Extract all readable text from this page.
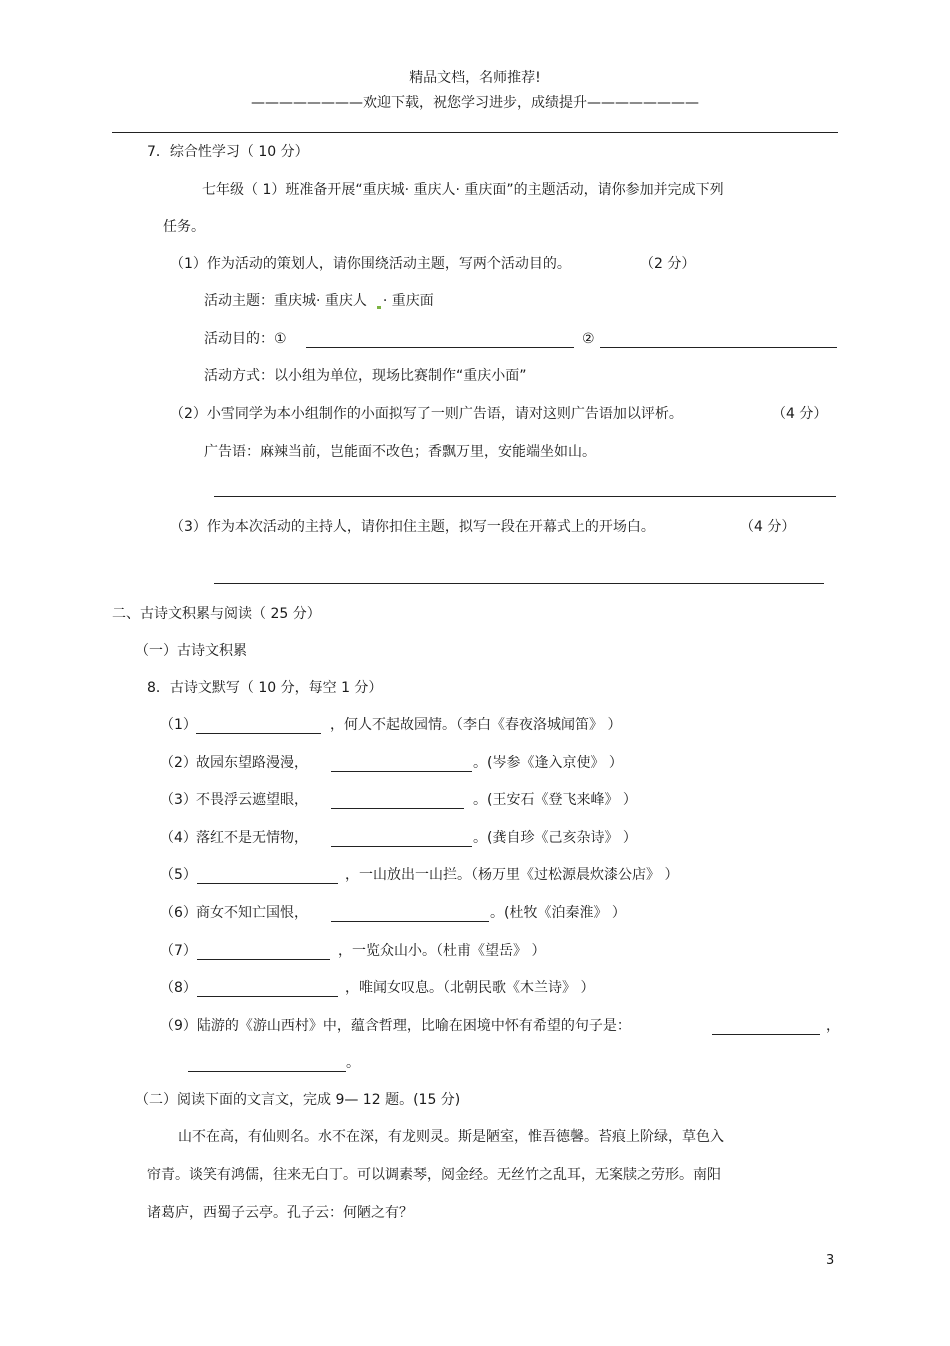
精品文档，名师推荐!
————————欢迎下载，祝您学习进步，成绩提升————————
7．综合性学习（ 10 分）
七年级（ 1）班准备开展“重庆城· 重庆人· 重庆面”的主题活动，请你参加并完成下列
任务。
（1）作为活动的策划人，请你围绕活动主题，写两个活动目的。	（2 分）
活动主题：重庆城· 重庆人 · 重庆面
活动目的：①	②
活动方式：以小组为单位，现场比赛制作“重庆小面”
（2）小雪同学为本小组制作的小面拟写了一则广告语，请对这则广告语加以评析。	（4 分）
广告语：麻辣当前，岂能面不改色；香飘万里，安能端坐如山。
（3）作为本次活动的主持人，请你扣住主题，拟写一段在开幕式上的开场白。	（4 分）
二、古诗文积累与阅读（ 25 分）
（一）古诗文积累
8．古诗文默写（ 10 分，每空 1 分）
（1）	，何人不起故园情。（李白《春夜洛城闻笛》 ）
（2） 故园东望路漫漫，	。(岑参《逢入京使》 ）
（3） 不畏浮云遮望眼，	。(王安石《登飞来峰》 ）
（4） 落红不是无情物，	。(龚自珍《己亥杂诗》 ）
（5）	，一山放出一山拦。（杨万里《过松源晨炊漆公店》 ）
（6） 商女不知亡国恨，	。(杜牧《泊秦淮》 ）
（7）	，一览众山小。（杜甫《望岳》 ）
（8）	，唯闻女叹息。（北朝民歌《木兰诗》 ）
（9）陆游的《游山西村》中，蕴含哲理，比喻在困境中怀有希望的句子是：	，
。
（二）阅读下面的文言文，完成 9— 12 题。(15 分)
山不在高，有仙则名。水不在深，有龙则灵。斯是陋室，惟吾德馨。苔痕上阶绿，草色入
帘青。谈笑有鸿儒，往来无白丁。可以调素琴，阅金经。无丝竹之乱耳，无案牍之劳形。南阳
诸葛庐，西蜀子云亭。孔子云：何陋之有？
3
